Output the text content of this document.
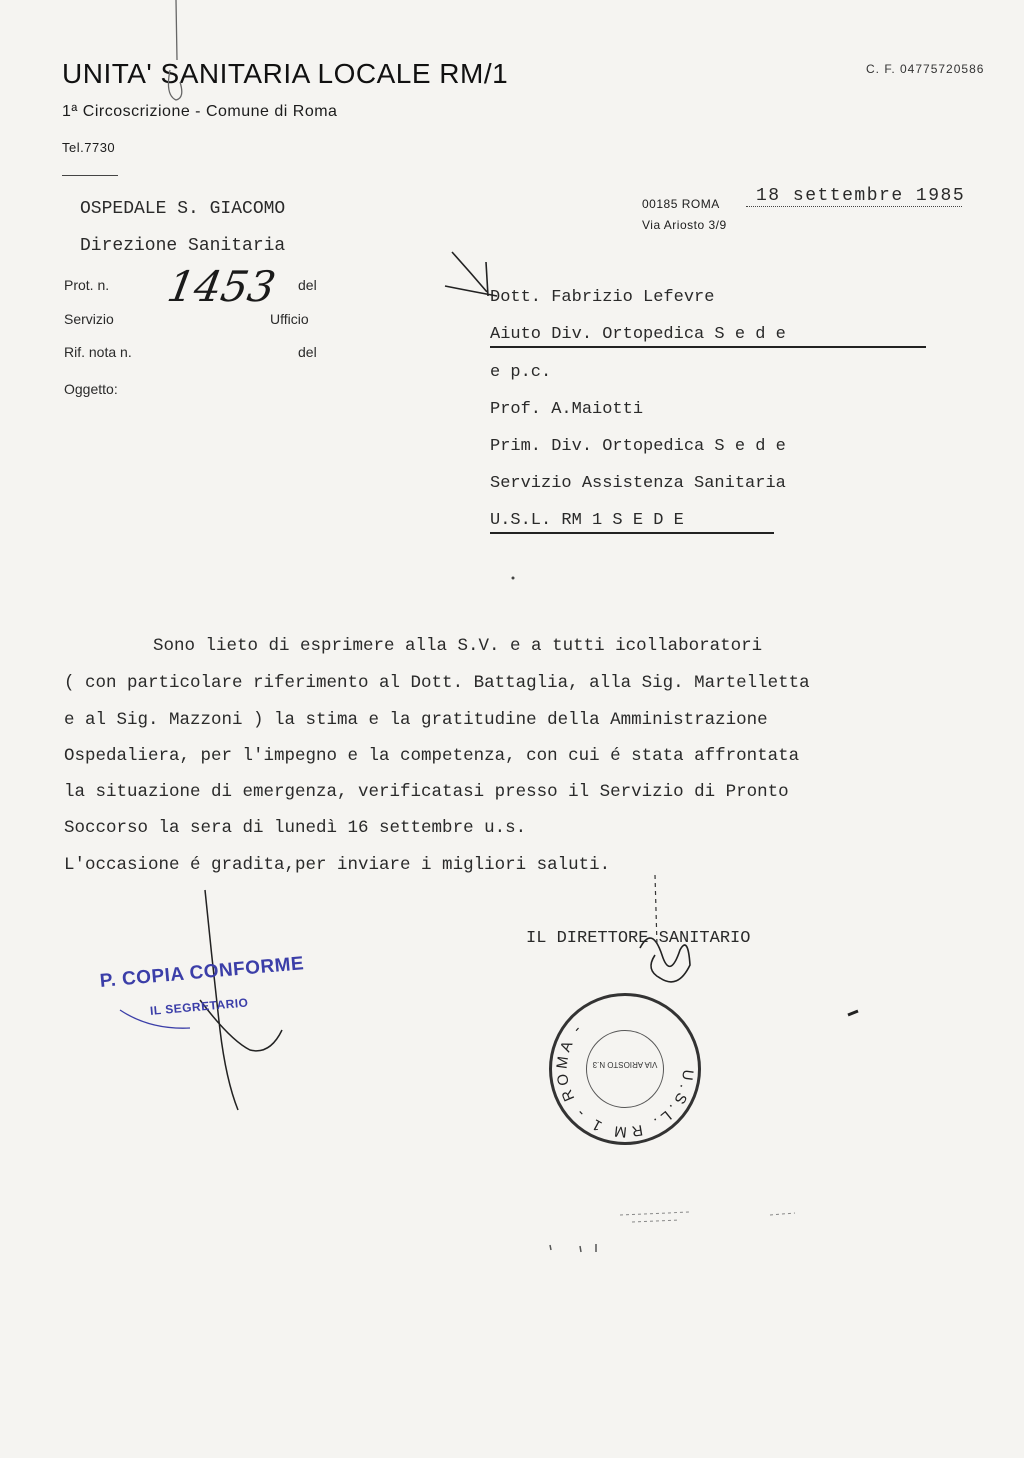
UNITA' SANITARIA LOCALE RM/1	C. F. 04775720586
1ª Circoscrizione - Comune di Roma
Tel.7730
OSPEDALE S. GIACOMO
Direzione Sanitaria
Prot. n. 1453 del
Servizio	Ufficio
Rif. nota n.	del
Oggetto:
00185 ROMA 18 settembre 1985
Via Ariosto 3/9
Dott. Fabrizio Lefevre
Aiuto Div. Ortopedica S e d e
e p.c.
Prof. A.Maiotti
Prim. Div. Ortopedica S e d e
Servizio Assistenza Sanitaria
U.S.L. RM 1 S E D E
Sono lieto di esprimere alla S.V. e a tutti icollaboratori
( con particolare riferimento al Dott. Battaglia, alla Sig. Martelletta
e al Sig. Mazzoni ) la stima e la gratitudine della Amministrazione
Ospedaliera, per l'impegno e la competenza, con cui é stata affrontata
la situazione di emergenza, verificatasi presso il Servizio di Pronto
Soccorso la sera di lunedì 16 settembre u.s.
L'occasione é gradita,per inviare i migliori saluti.
IL DIRETTORE SANITARIO
P. COPIA CONFORME
IL SEGRETARIO
U.S.L. RM 1 - ROMA -
VIA ARIOSTO N.3
